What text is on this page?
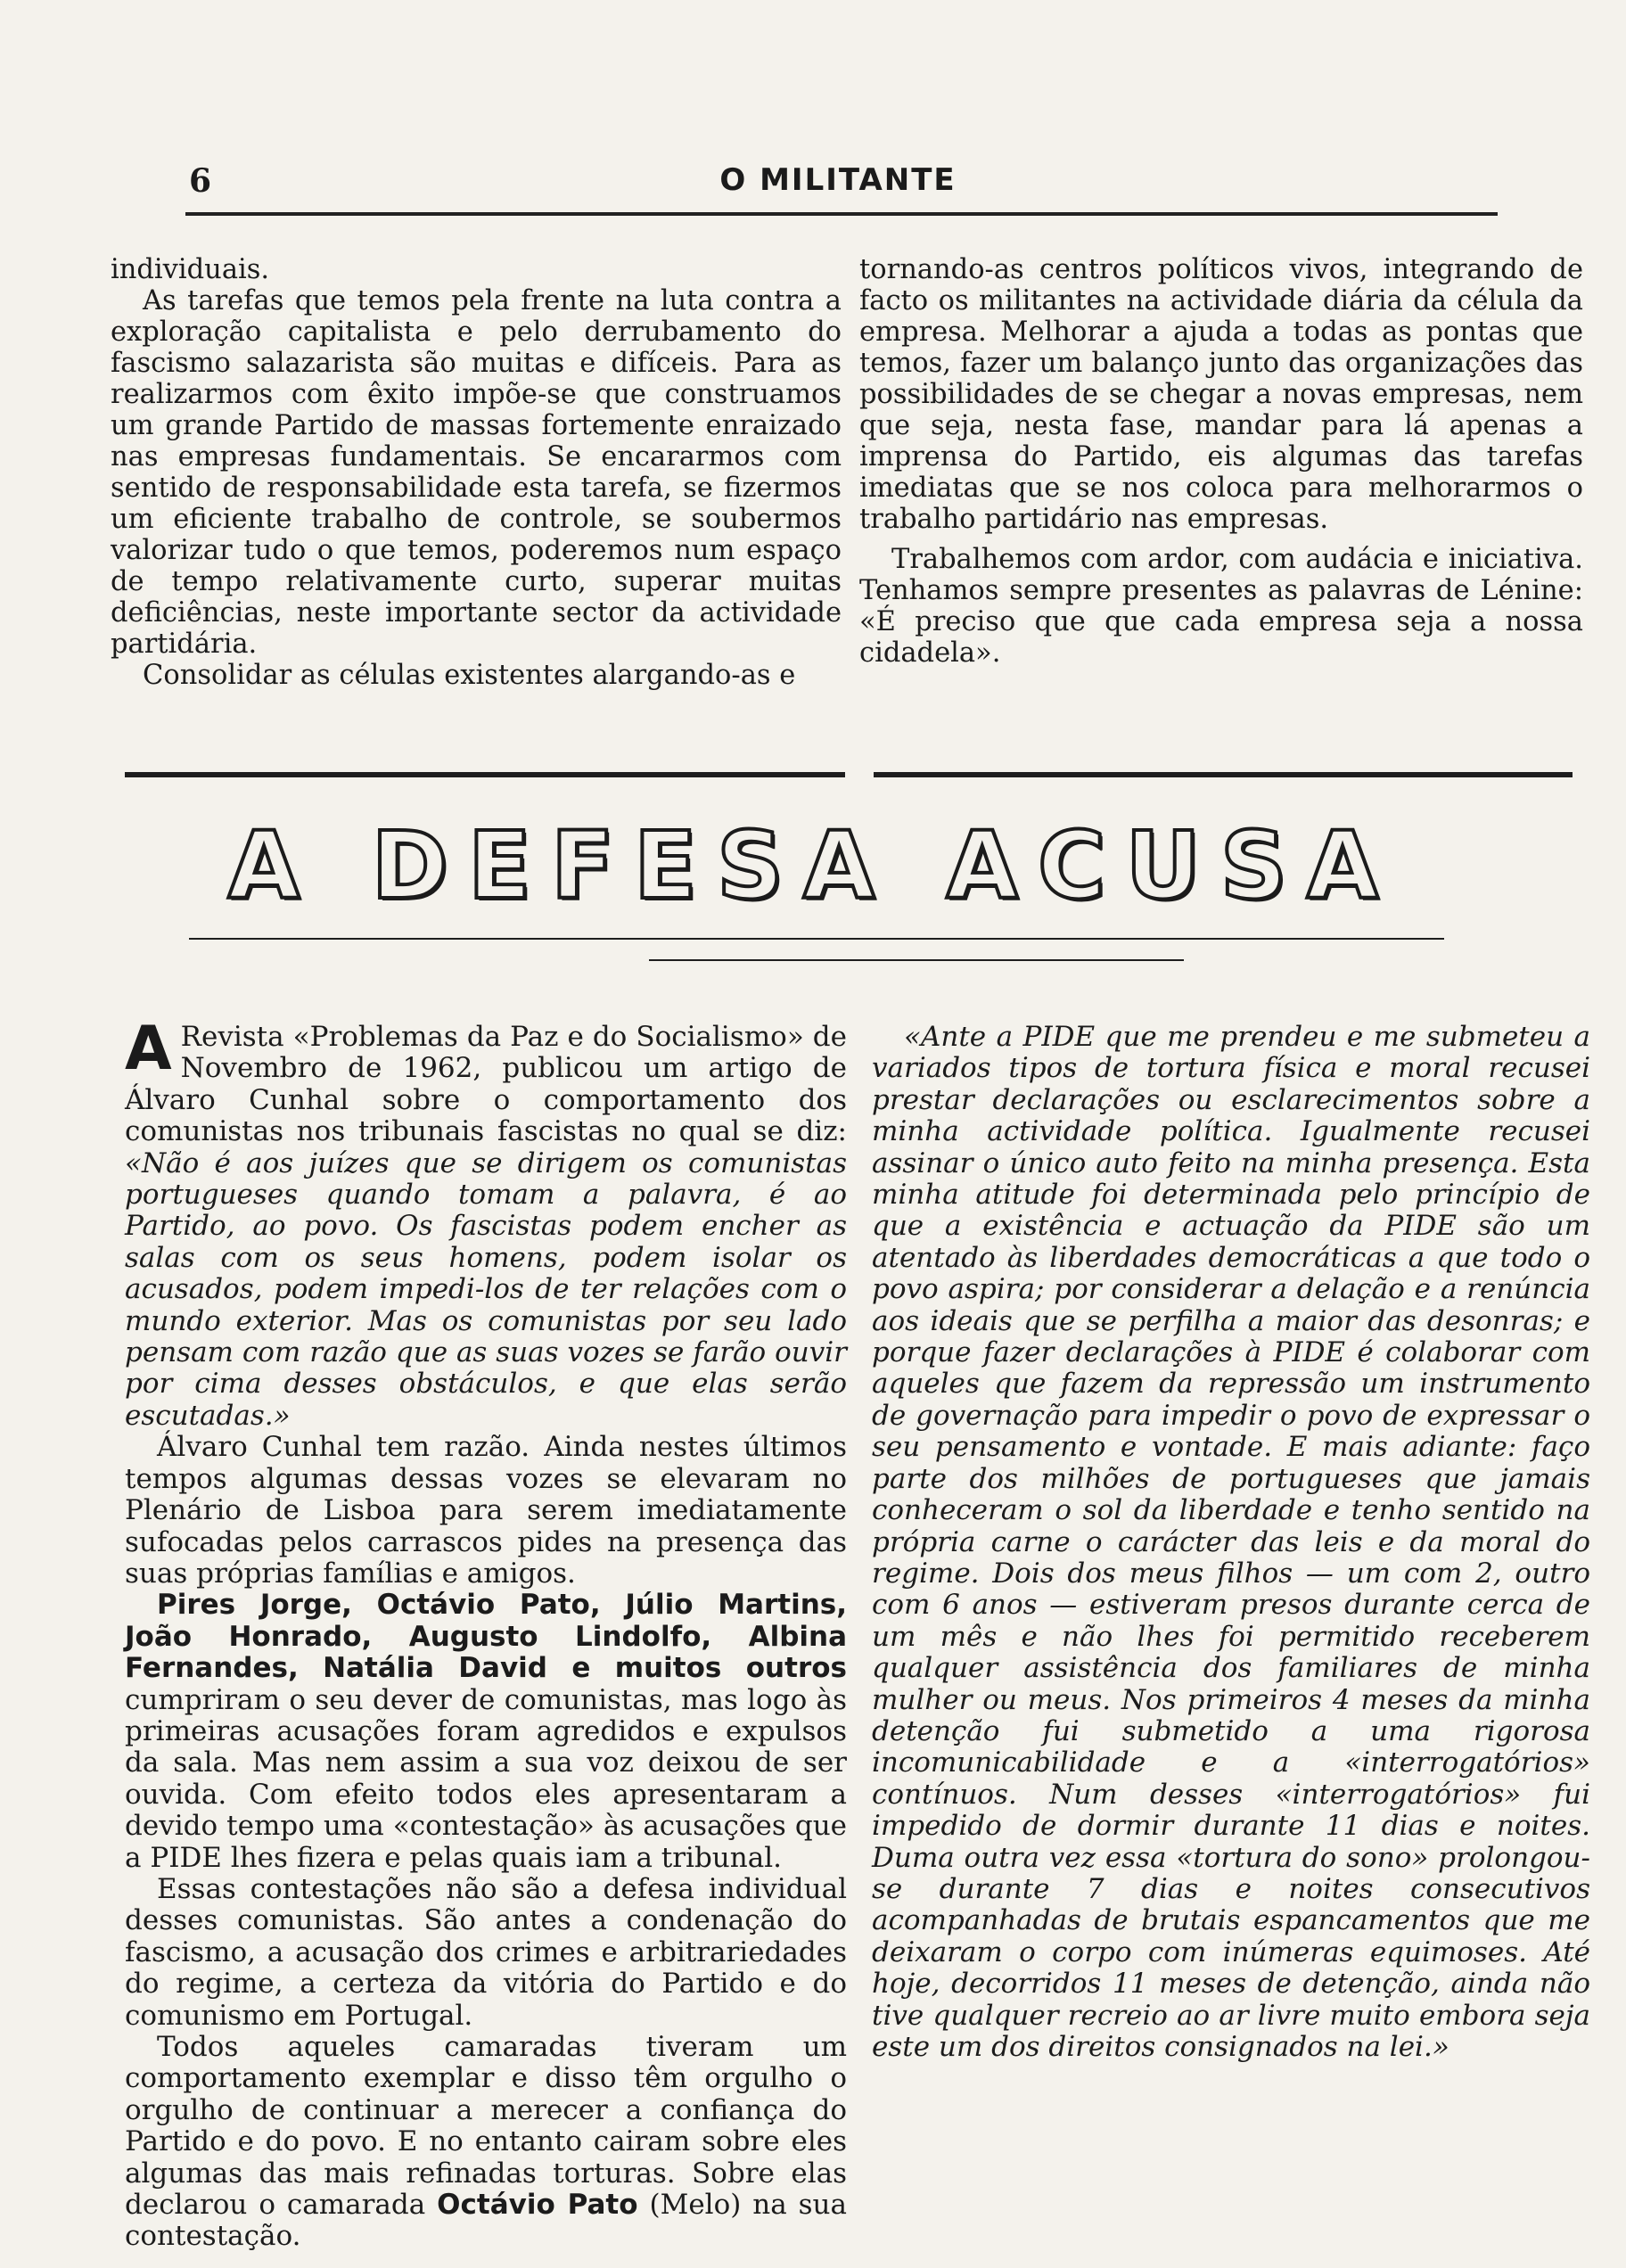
6	O MILITANTE

individuais.

As tarefas que temos pela frente na luta contra a exploração capitalista e pelo derrubamento do fascismo salazarista são muitas e difíceis. Para as realizarmos com êxito impõe-se que construamos um grande Partido de massas fortemente enraizado nas empresas fundamentais. Se encararmos com sentido de responsabilidade esta tarefa, se fizermos um eficiente trabalho de controle, se soubermos valorizar tudo o que temos, poderemos num espaço de tempo relativamente curto, superar muitas deficiências, neste importante sector da actividade partidária.

Consolidar as células existentes alargando-as e

tornando-as centros políticos vivos, integrando de facto os militantes na actividade diária da célula da empresa. Melhorar a ajuda a todas as pontas que temos, fazer um balanço junto das organizações das possibilidades de se chegar a novas empresas, nem que seja, nesta fase, mandar para lá apenas a imprensa do Partido, eis algumas das tarefas imediatas que se nos coloca para melhorarmos o trabalho partidário nas empresas.

Trabalhemos com ardor, com audácia e iniciativa. Tenhamos sempre presentes as palavras de Lénine: «É preciso que que cada empresa seja a nossa cidadela».

A DEFESA ACUSA

A Revista «Problemas da Paz e do Socialismo» de Novembro de 1962, publicou um artigo de Álvaro Cunhal sobre o comportamento dos comunistas nos tribunais fascistas no qual se diz: «Não é aos juízes que se dirigem os comunistas portugueses quando tomam a palavra, é ao Partido, ao povo. Os fascistas podem encher as salas com os seus homens, podem isolar os acusados, podem impedi-los de ter relações com o mundo exterior. Mas os comunistas por seu lado pensam com razão que as suas vozes se farão ouvir por cima desses obstáculos, e que elas serão escutadas.»

Álvaro Cunhal tem razão. Ainda nestes últimos tempos algumas dessas vozes se elevaram no Plenário de Lisboa para serem imediatamente sufocadas pelos carrascos pides na presença das suas próprias famílias e amigos.

Pires Jorge, Octávio Pato, Júlio Martins, João Honrado, Augusto Lindolfo, Albina Fernandes, Natália David e muitos outros cumpriram o seu dever de comunistas, mas logo às primeiras acusações foram agredidos e expulsos da sala. Mas nem assim a sua voz deixou de ser ouvida. Com efeito todos eles apresentaram a devido tempo uma «contestação» às acusações que a PIDE lhes fizera e pelas quais iam a tribunal.

Essas contestações não são a defesa individual desses comunistas. São antes a condenação do fascismo, a acusação dos crimes e arbitrariedades do regime, a certeza da vitória do Partido e do comunismo em Portugal.

Todos aqueles camaradas tiveram um comportamento exemplar e disso têm orgulho o orgulho de continuar a merecer a confiança do Partido e do povo. E no entanto cairam sobre eles algumas das mais refinadas torturas. Sobre elas declarou o camarada Octávio Pato (Melo) na sua contestação.

«Ante a PIDE que me prendeu e me submeteu a variados tipos de tortura física e moral recusei prestar declarações ou esclarecimentos sobre a minha actividade política. Igualmente recusei assinar o único auto feito na minha presença. Esta minha atitude foi determinada pelo princípio de que a existência e actuação da PIDE são um atentado às liberdades democráticas a que todo o povo aspira; por considerar a delação e a renúncia aos ideais que se perfilha a maior das desonras; e porque fazer declarações à PIDE é colaborar com aqueles que fazem da repressão um instrumento de governação para impedir o povo de expressar o seu pensamento e vontade. E mais adiante: faço parte dos milhões de portugueses que jamais conheceram o sol da liberdade e tenho sentido na própria carne o carácter das leis e da moral do regime. Dois dos meus filhos — um com 2, outro com 6 anos — estiveram presos durante cerca de um mês e não lhes foi permitido receberem qualquer assistência dos familiares de minha mulher ou meus. Nos primeiros 4 meses da minha detenção fui submetido a uma rigorosa incomunicabilidade e a «interrogatórios» contínuos. Num desses «interrogatórios» fui impedido de dormir durante 11 dias e noites. Duma outra vez essa «tortura do sono» prolongou-se durante 7 dias e noites consecutivos acompanhadas de brutais espancamentos que me deixaram o corpo com inúmeras equimoses. Até hoje, decorridos 11 meses de detenção, ainda não tive qualquer recreio ao ar livre muito embora seja este um dos direitos consignados na lei.»
